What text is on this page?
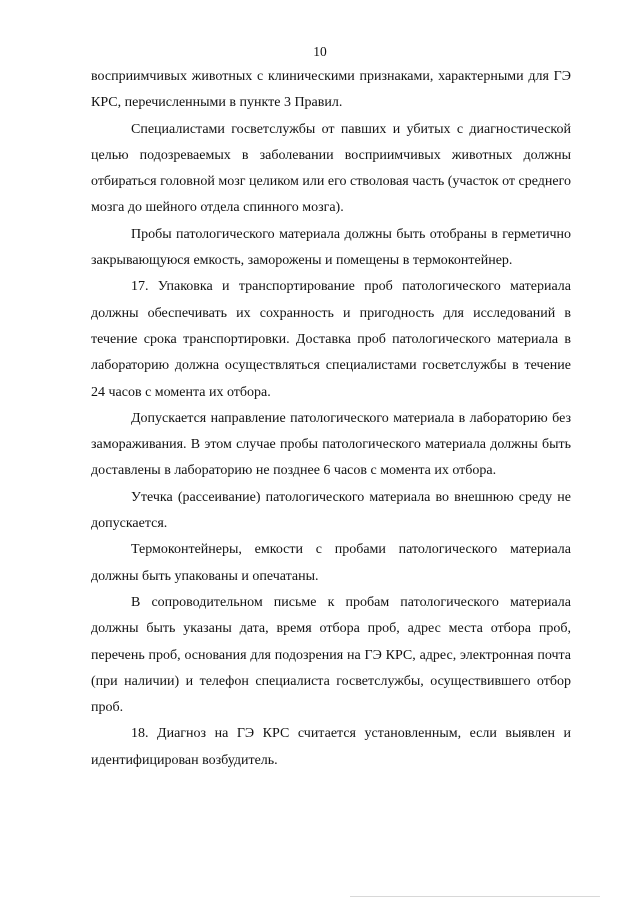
10

восприимчивых животных с клиническими признаками, характерными для ГЭ КРС, перечисленными в пункте 3 Правил.

Специалистами госветслужбы от павших и убитых с диагностической целью подозреваемых в заболевании восприимчивых животных должны отбираться головной мозг целиком или его стволовая часть (участок от среднего мозга до шейного отдела спинного мозга).

Пробы патологического материала должны быть отобраны в герметично закрывающуюся емкость, заморожены и помещены в термоконтейнер.

17. Упаковка и транспортирование проб патологического материала должны обеспечивать их сохранность и пригодность для исследований в течение срока транспортировки. Доставка проб патологического материала в лабораторию должна осуществляться специалистами госветслужбы в течение 24 часов с момента их отбора.

Допускается направление патологического материала в лабораторию без замораживания. В этом случае пробы патологического материала должны быть доставлены в лабораторию не позднее 6 часов с момента их отбора.

Утечка (рассеивание) патологического материала во внешнюю среду не допускается.

Термоконтейнеры, емкости с пробами патологического материала должны быть упакованы и опечатаны.

В сопроводительном письме к пробам патологического материала должны быть указаны дата, время отбора проб, адрес места отбора проб, перечень проб, основания для подозрения на ГЭ КРС, адрес, электронная почта (при наличии) и телефон специалиста госветслужбы, осуществившего отбор проб.

18. Диагноз на ГЭ КРС считается установленным, если выявлен и идентифицирован возбудитель.
